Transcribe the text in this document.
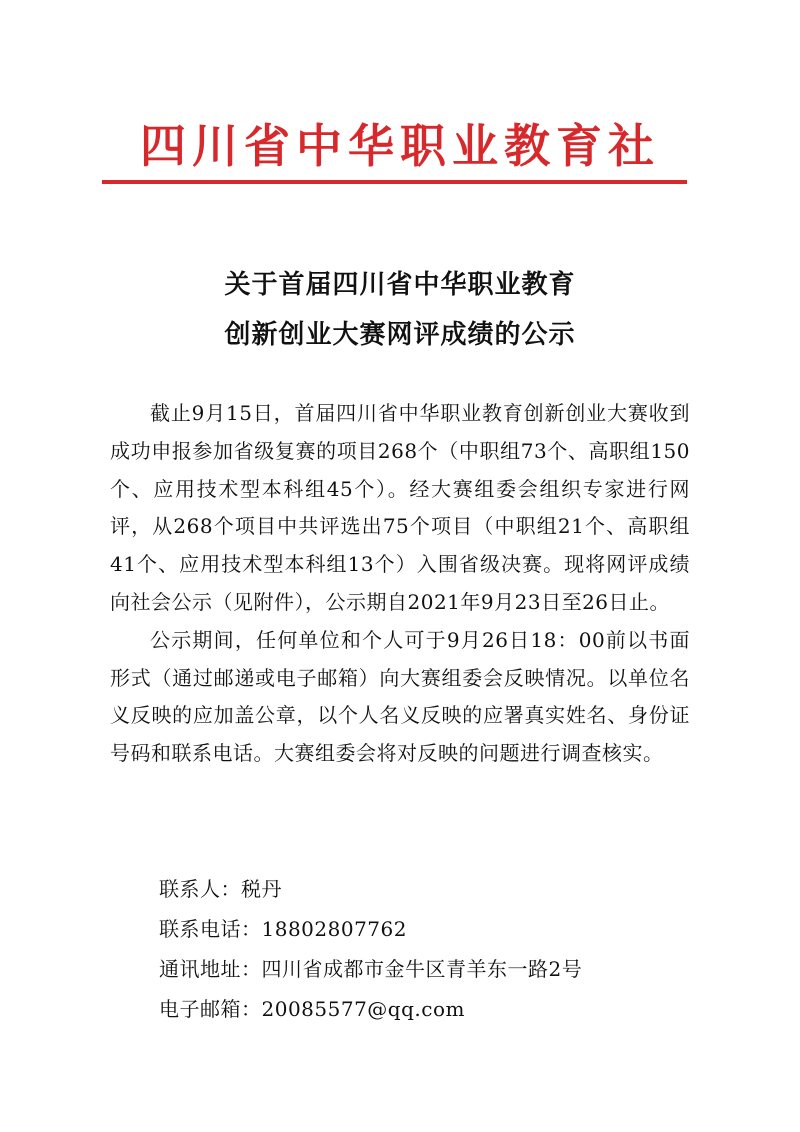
四川省中华职业教育社
关于首届四川省中华职业教育
创新创业大赛网评成绩的公示

截止9月15日，首届四川省中华职业教育创新创业大赛收到成功申报参加省级复赛的项目268个（中职组73个、高职组150个、应用技术型本科组45个）。经大赛组委会组织专家进行网评，从268个项目中共评选出75个项目（中职组21个、高职组41个、应用技术型本科组13个）入围省级决赛。现将网评成绩向社会公示（见附件），公示期自2021年9月23日至26日止。

公示期间，任何单位和个人可于9月26日18：00前以书面形式（通过邮递或电子邮箱）向大赛组委会反映情况。以单位名义反映的应加盖公章，以个人名义反映的应署真实姓名、身份证号码和联系电话。大赛组委会将对反映的问题进行调查核实。

联系人：税丹
联系电话：18802807762
通讯地址：四川省成都市金牛区青羊东一路2号
电子邮箱：20085577@qq.com
